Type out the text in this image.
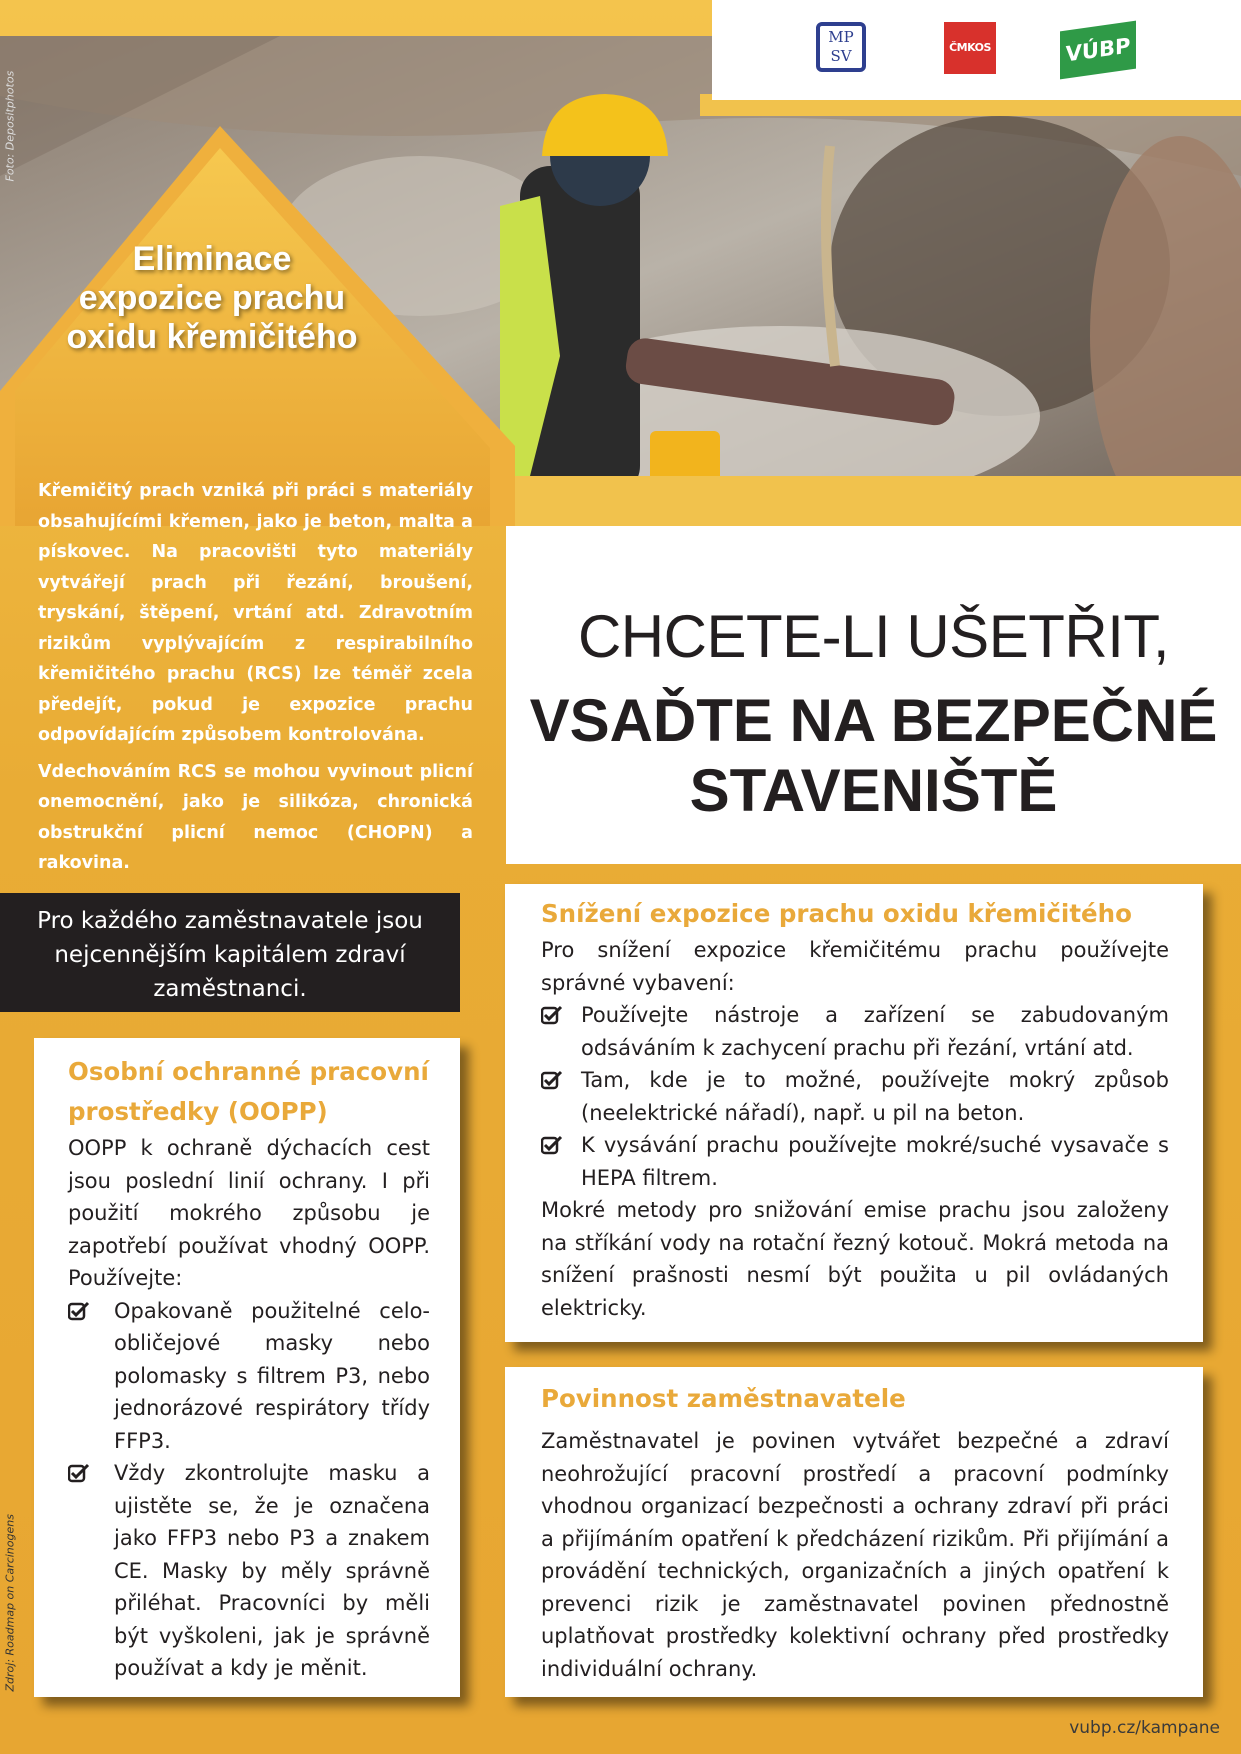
Foto: Depositphotos
MP SV	ČMKOS	VÚBP
Eliminace expozice prachu oxidu křemičitého
CHCETE-LI UŠETŘIT,
VSAĎTE NA BEZPEČNÉ
STAVENIŠTĚ

Křemičitý prach vzniká při práci s materiály obsahujícími křemen, jako je beton, malta a pískovec. Na pracovišti tyto materiály vytvářejí prach při řezání, broušení, tryskání, štěpení, vrtání atd. Zdravotním rizikům vyplývajícím z respirabilního křemičitého prachu (RCS) lze téměř zcela předejít, pokud je expozice prachu odpovídajícím způsobem kontrolována.

Vdechováním RCS se mohou vyvinout plicní onemocnění, jako je silikóza, chronická obstrukční plicní nemoc (CHOPN) a rakovina.

Pro každého zaměstnavatele jsou nejcennějším kapitálem zdraví zaměstnanci.
Osobní ochranné pracovní prostředky (OOPP)

OOPP k ochraně dýchacích cest jsou poslední linií ochrany. I při použití mokrého způsobu je zapotřebí používat vhodný OOPP. Používejte:

Opakovaně použitelné celoobličejové masky nebo polomasky s filtrem P3, nebo jednorázové respirátory třídy FFP3.
Vždy zkontrolujte masku a ujistěte se, že je označena jako FFP3 nebo P3 a znakem CE. Masky by měly správně přiléhat. Pracovníci by měli být vyškoleni, jak je správně používat a kdy je měnit.
Snížení expozice prachu oxidu křemičitého

Pro snížení expozice křemičitému prachu používejte správné vybavení:

Používejte nástroje a zařízení se zabudovaným odsáváním k zachycení prachu při řezání, vrtání atd.
Tam, kde je to možné, používejte mokrý způsob (neelektrické nářadí), např. u pil na beton.
K vysávání prachu používejte mokré/suché vysavače s HEPA filtrem.

Mokré metody pro snižování emise prachu jsou založeny na stříkání vody na rotační řezný kotouč. Mokrá metoda na snížení prašnosti nesmí být použita u pil ovládaných elektricky.

Povinnost zaměstnavatele

Zaměstnavatel je povinen vytvářet bezpečné a zdraví neohrožující pracovní prostředí a pracovní podmínky vhodnou organizací bezpečnosti a ochrany zdraví při práci a přijímáním opatření k předcházení rizikům. Při přijímání a provádění technických, organizačních a jiných opatření k prevenci rizik je zaměstnavatel povinen přednostně uplatňovat prostředky kolektivní ochrany před prostředky individuální ochrany.

Zdroj: Roadmap on Carcinogens
vubp.cz/kampane
